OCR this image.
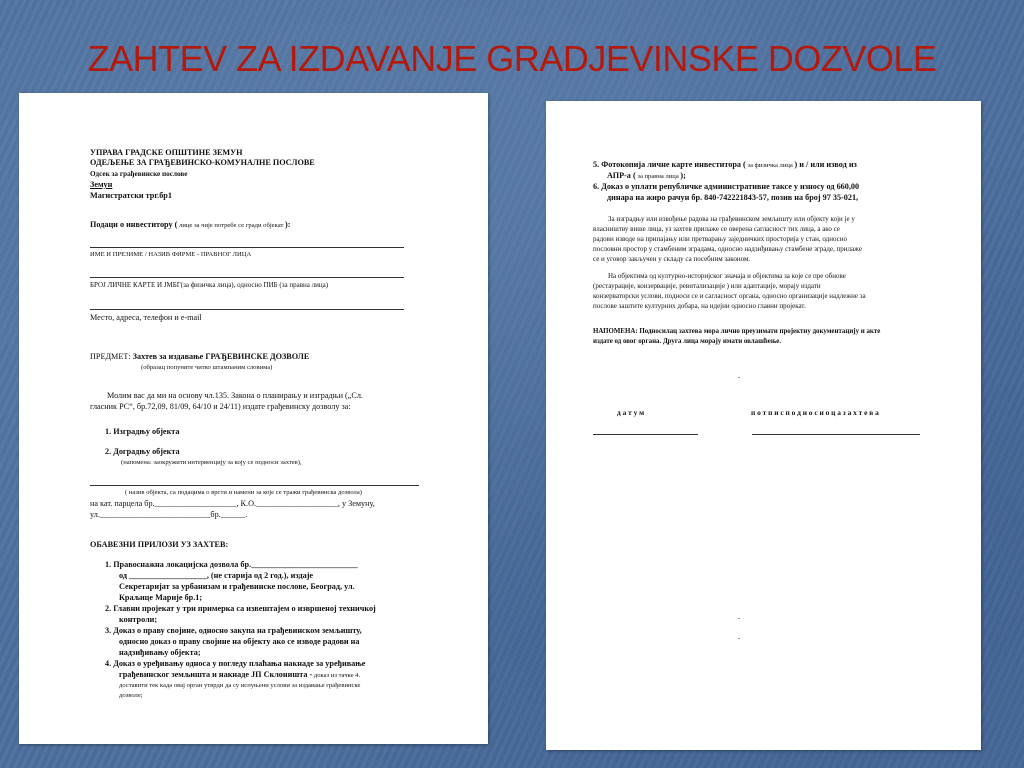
ZAHTEV ZA IZDAVANJE GRADJEVINSKE DOZVOLE
УПРАВА ГРАДСКЕ ОПШТИНЕ ЗЕМУН
ОДЕЉЕЊЕ ЗА ГРАЂЕВИНСКО-КОМУНАЛНЕ ПОСЛОВЕ
Одсек за грађевинске послове
Земун
Магистратски трг.бр1
Подаци о инвеститору ( лице за чије потребе се гради објекат ):
ИМЕ И ПРЕЗИМЕ / НАЗИВ ФИРМЕ - ПРАВНОГ ЛИЦА
БРОЈ ЛИЧНЕ КАРТЕ И ЈМБГ(за физичка лица), односно ПИБ (за правна лица)
Место, адреса, телефон и e-mail
ПРЕДМЕТ: Захтев за издавање ГРАЂЕВИНСКЕ ДОЗВОЛЕ
(образац попуните читко штампаним словима)
Молим вас да ми на основу чл.135. Закона о планирању и изградњи („Сл.
гласник РС“, бр.72,09, 81/09, 64/10 и 24/11) издате грађевинску дозволу за:
1. Изградњу објекта
2. Доградњу објекта
(напомена: заокружити интервенцију за коју се подноси захтев),
( назив објекта, са подацима о врсти и намени за које се тражи грађевинска дозвола)
на кат. парцела бр.____________________, К.О.____________________, у Земуну,
ул.___________________________бр.______.
ОБАВЕЗНИ ПРИЛОЗИ УЗ ЗАХТЕВ:
1. Правоснажна локацијска дозвола бр.__________________________
од ___________________, (не старија од 2 год.), издаје
Секретаријат за урбанизам и грађевинске послове, Београд, ул.
Краљице Марије бр.1;
2. Главни пројекат у три примерка са извештајем о извршеној техничкој
контроли;
3. Доказ о праву својине, односно закупа на грађевинском земљишту,
односно доказ о праву својине на објекту ако се изводе радови на
надзиђивању објекта;
4. Доказ о уређивању односа у погледу плаћања накнаде за уређивање
грађевинског земљишта и накнаде ЈП Склоништа - доказ из тачке 4.
достaвити тек када овај орган утврди да су испуњени услови за издавање грађевинске
дозволе;
5. Фотокопија личне карте инвеститора ( за физичка лица ) и / или извод из
АПР-а ( за правна лица );
6. Доказ о уплати републичке административне таксе у износу од 660,00
динара на жиро рачун бр. 840-742221843-57, позив на број 97 35-021,
За изградњу или извођење радова на грађевинском земљишту или објекту који је у
власништву више лица, уз захтев прилаже се оверена сагласност тих лица, а ако се
радови изводе на припајању или претварању заједничких просторија у стан, односно
пословни простор у стамбеним зградама, односно надзиђивању стамбене зграде, прилаже
се и уговор закључен у складу са посебним законом.
На објектима од културно-историјског значаја и објектима за које се пре обнове
(рестаурације, конзервације, ревитализације ) или адаптације, морају издати
конзерваторски услови, подноси се и сагласност органа, односно организације надлежне за
послове заштите културних добара, на идејни односно главни пројекат.
НАПОМЕНА: Подносилац захтева мора лично преузимати пројектну документацију и акте
издате од овог органа. Друга лица морају имати овлашћење.
д а т у м	п о т п и с п о д н о с и о ц а з а х т е в а
